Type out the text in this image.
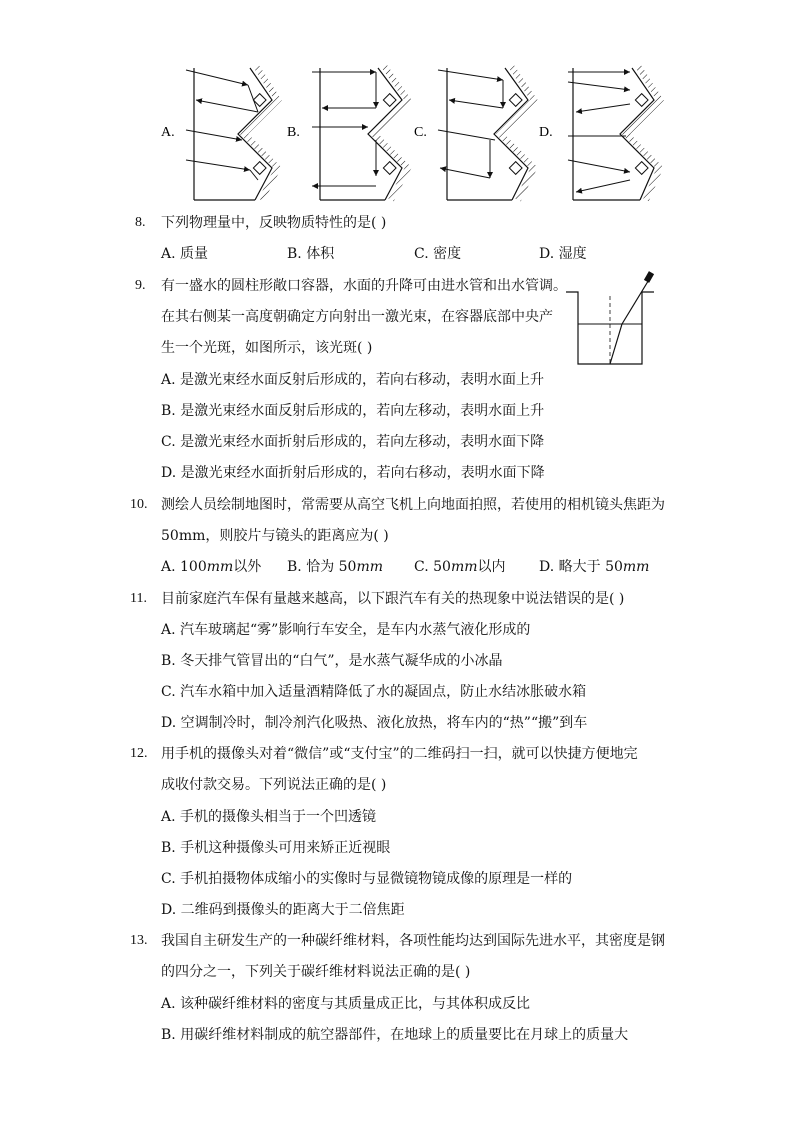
A.	B.	C.	D.
8. 下列物理量中，反映物质特性的是( )
A. 质量	B. 体积	C. 密度	D. 湿度
9. 有一盛水的圆柱形敞口容器，水面的升降可由进水管和出水管调。
在其右侧某一高度朝确定方向射出一激光束，在容器底部中央产
生一个光斑，如图所示，该光斑( )
A. 是激光束经水面反射后形成的，若向右移动，表明水面上升
B. 是激光束经水面反射后形成的，若向左移动，表明水面上升
C. 是激光束经水面折射后形成的，若向左移动，表明水面下降
D. 是激光束经水面折射后形成的，若向右移动，表明水面下降
10. 测绘人员绘制地图时，常需要从高空飞机上向地面拍照，若使用的相机镜头焦距为
50mm，则胶片与镜头的距离应为( )
A. 100mm以外 B. 恰为 50mm C. 50mm以内 D. 略大于 50mm
11. 目前家庭汽车保有量越来越高，以下跟汽车有关的热现象中说法错误的是( )
A. 汽车玻璃起“雾”影响行车安全，是车内水蒸气液化形成的
B. 冬天排气管冒出的“白气”，是水蒸气凝华成的小冰晶
C. 汽车水箱中加入适量酒精降低了水的凝固点，防止水结冰胀破水箱
D. 空调制冷时，制冷剂汽化吸热、液化放热，将车内的“热”“搬”到车
12. 用手机的摄像头对着“微信”或“支付宝”的二维码扫一扫，就可以快捷方便地完
成收付款交易。下列说法正确的是( )
A. 手机的摄像头相当于一个凹透镜
B. 手机这种摄像头可用来矫正近视眼
C. 手机拍摄物体成缩小的实像时与显微镜物镜成像的原理是一样的
D. 二维码到摄像头的距离大于二倍焦距
13. 我国自主研发生产的一种碳纤维材料，各项性能均达到国际先进水平，其密度是钢
的四分之一，下列关于碳纤维材料说法正确的是( )
A. 该种碳纤维材料的密度与其质量成正比，与其体积成反比
B. 用碳纤维材料制成的航空器部件，在地球上的质量要比在月球上的质量大
